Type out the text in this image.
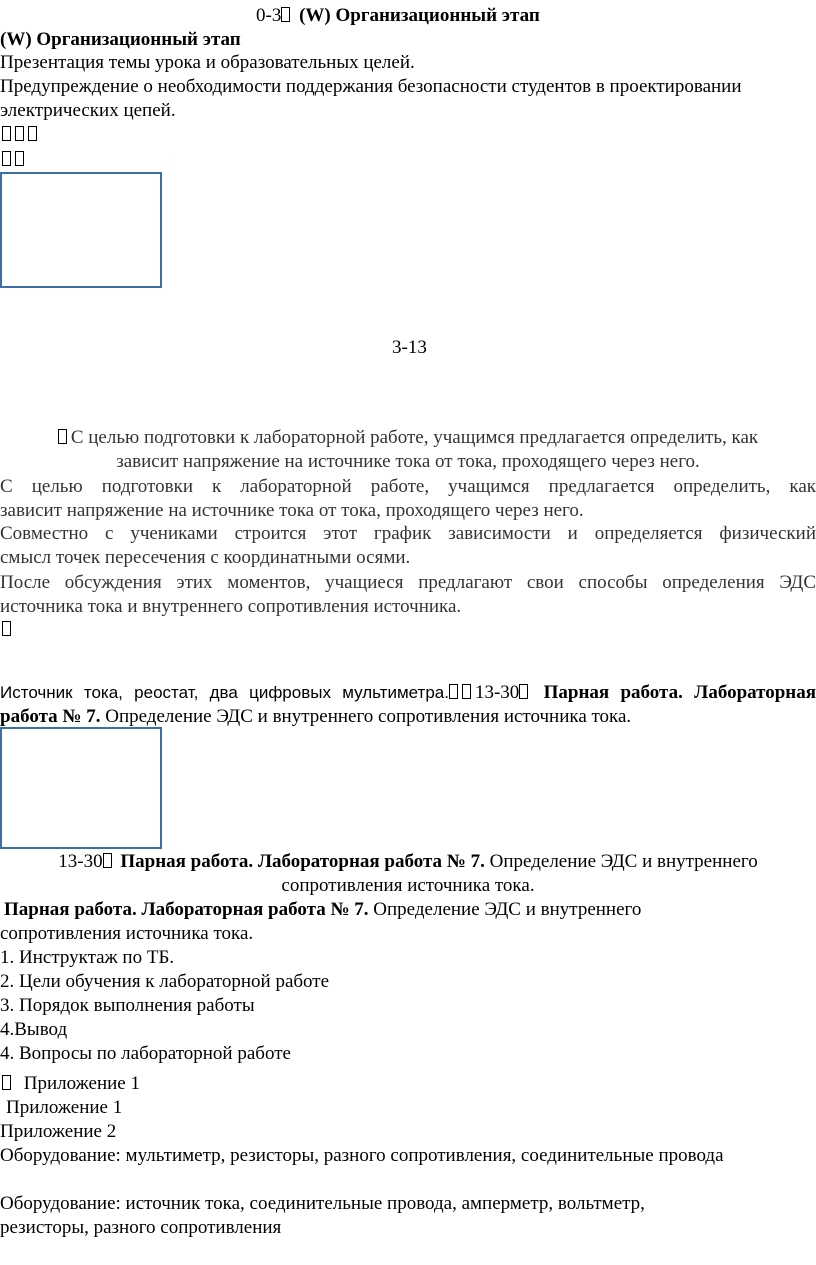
0-3 (W) Организационный этап
(W) Организационный этап
Презентация темы урока и образовательных целей.
Предупреждение о необходимости поддержания безопасности студентов в проектировании
электрических цепей.
3-13
С целью подготовки к лабораторной работе, учащимся предлагается определить, как
зависит напряжение на источнике тока от тока, проходящего через него.
С целью подготовки к лабораторной работе, учащимся предлагается определить, как
зависит напряжение на источнике тока от тока, проходящего через него.
Совместно с учениками строится этот график зависимости и определяется физический
смысл точек пересечения с координатными осями.
После обсуждения этих моментов, учащиеся предлагают свои способы определения ЭДС
источника тока и внутреннего сопротивления источника.
Источник тока, реостат, два цифровых мультиметра. 13-30 Парная работа. Лабораторная
работа № 7. Определение ЭДС и внутреннего сопротивления источника тока.
13-30 Парная работа. Лабораторная работа № 7. Определение ЭДС и внутреннего
сопротивления источника тока.
Парная работа. Лабораторная работа № 7. Определение ЭДС и внутреннего
сопротивления источника тока.
1. Инструктаж по ТБ.
2. Цели обучения к лабораторной работе
3. Порядок выполнения работы
4.Вывод
4. Вопросы по лабораторной работе
Приложение 1
Приложение 1
Приложение 2
Оборудование: мультиметр, резисторы, разного сопротивления, соединительные провода
Оборудование: источник тока, соединительные провода, амперметр, вольтметр,
резисторы, разного сопротивления
